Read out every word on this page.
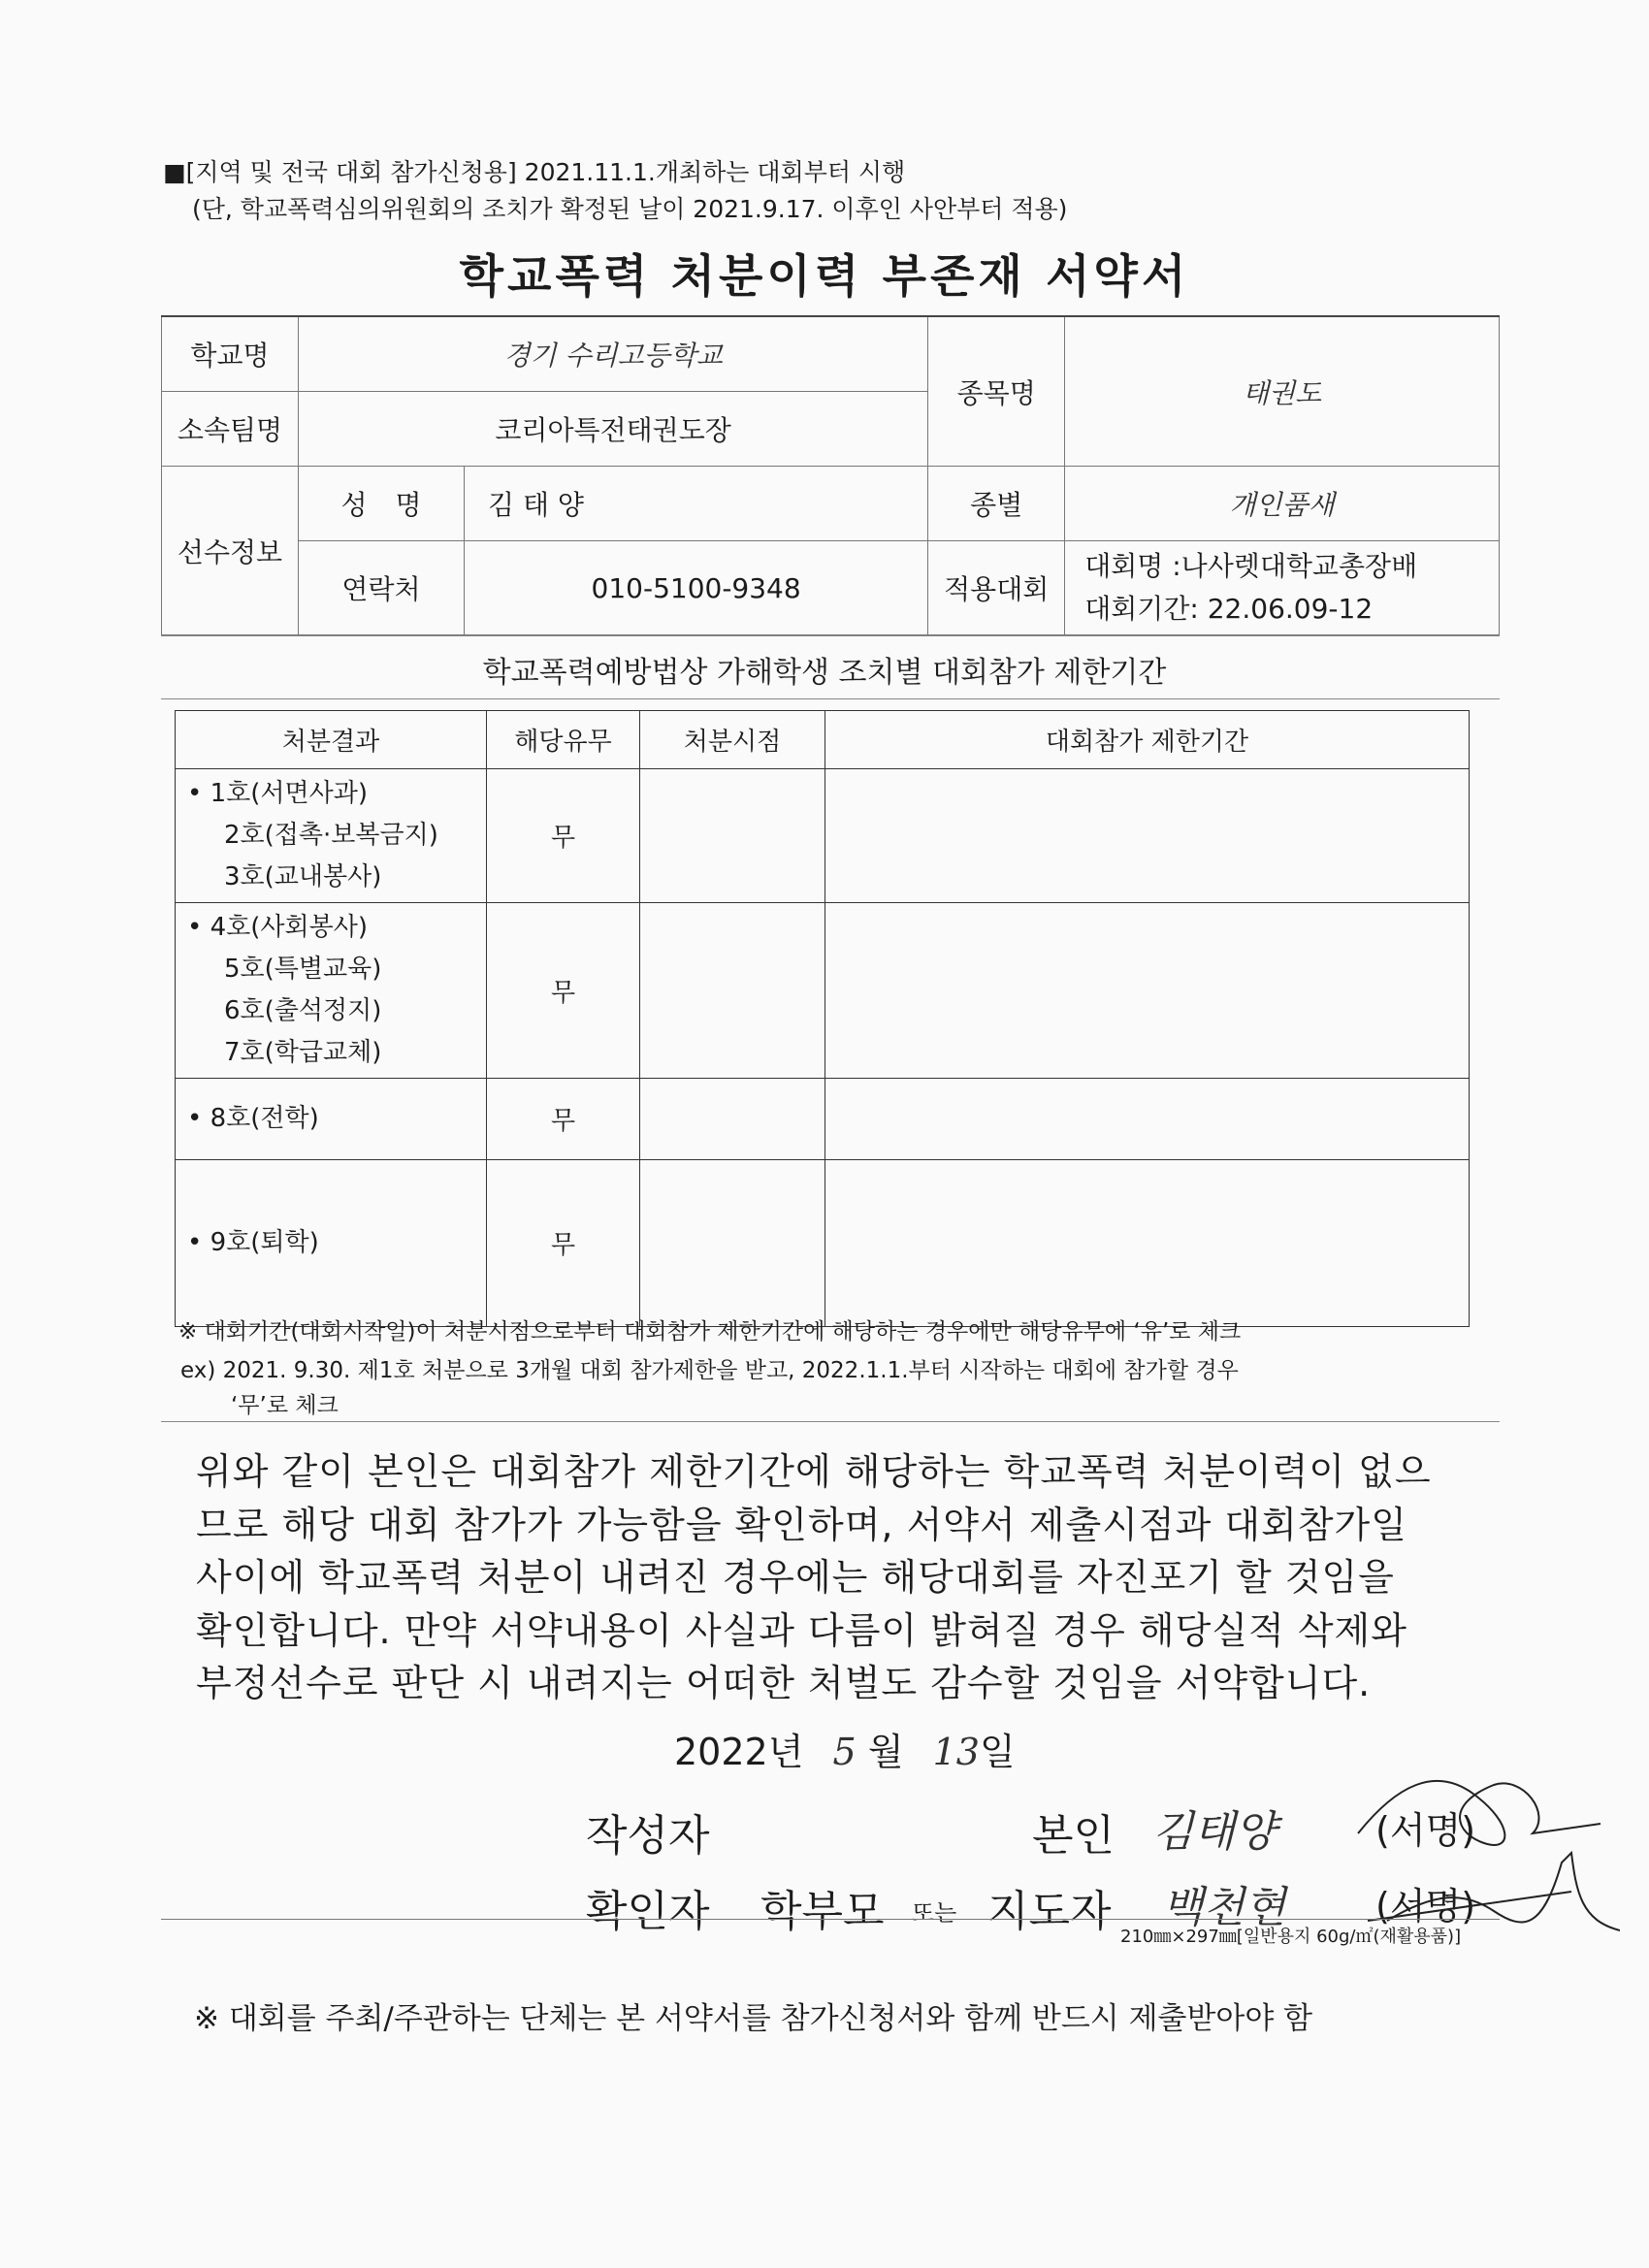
■[지역 및 전국 대회 참가신청용] 2021.11.1.개최하는 대회부터 시행
(단, 학교폭력심의위원회의 조치가 확정된 날이 2021.9.17. 이후인 사안부터 적용)
학교폭력 처분이력 부존재 서약서
학교명	경기 수리고등학교		종목명	태권도
소속팀명	코리아특전태권도장			
선수정보	성 명	김 태 양	종별	개인품새
	연락처	010-5100-9348	적용대회	대회명 :나사렛대학교총장배
대회기간: 22.06.09-12
학교폭력예방법상 가해학생 조치별 대회참가 제한기간
처분결과	해당유무	처분시점	대회참가 제한기간

• 1호(서면사과)
2호(접촉·보복금지)
3호(교내봉사)	무		

• 4호(사회봉사)
5호(특별교육)
6호(출석정지)
7호(학급교체)	무		

• 8호(전학)	무		

• 9호(퇴학)	무		
※ 대회기간(대회시작일)이 처분시점으로부터 대회참가 제한기간에 해당하는 경우에만 해당유무에 ‘유’로 체크
ex) 2021. 9.30. 제1호 처분으로 3개월 대회 참가제한을 받고, 2022.1.1.부터 시작하는 대회에 참가할 경우
‘무’로 체크
위와 같이 본인은 대회참가 제한기간에 해당하는 학교폭력 처분이력이 없으
므로 해당 대회 참가가 가능함을 확인하며, 서약서 제출시점과 대회참가일
사이에 학교폭력 처분이 내려진 경우에는 해당대회를 자진포기 할 것임을
확인합니다. 만약 서약내용이 사실과 다름이 밝혀질 경우 해당실적 삭제와
부정선수로 판단 시 내려지는 어떠한 처벌도 감수할 것임을 서약합니다.
2022년 5 월 13일
작성자	본인 김태양	(서명)
확인자 학부모 또는 지도자 백천현 (서명)
210㎜×297㎜[일반용지 60g/㎡(재활용품)]
※ 대회를 주최/주관하는 단체는 본 서약서를 참가신청서와 함께 반드시 제출받아야 함
